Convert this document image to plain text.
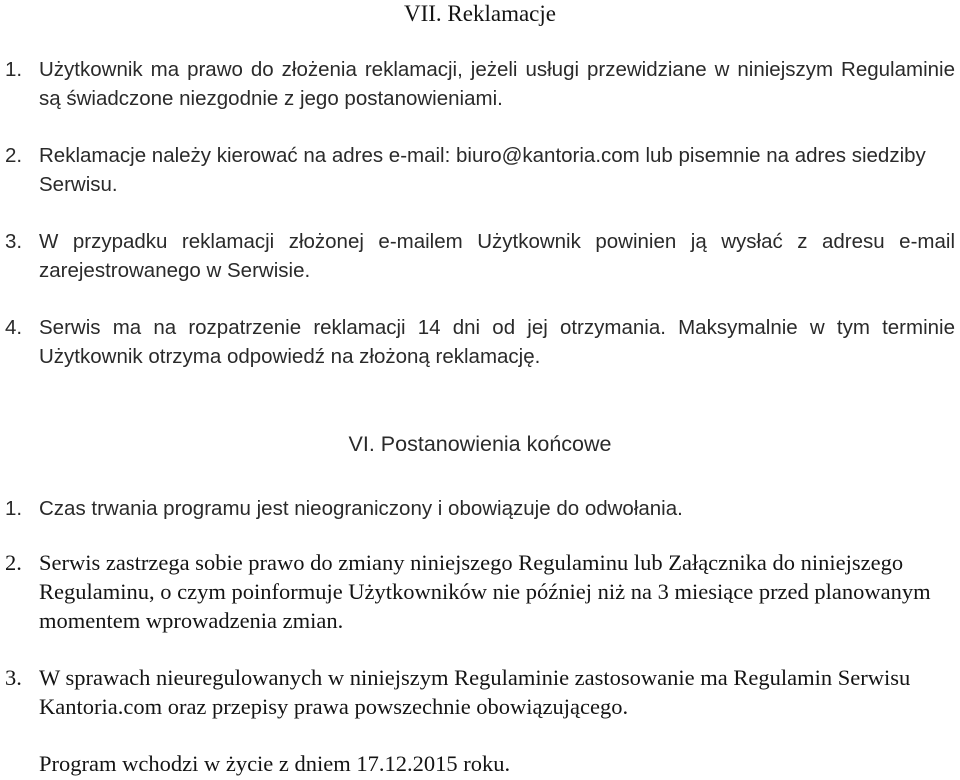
VII. Reklamacje
1. Użytkownik ma prawo do złożenia reklamacji, jeżeli usługi przewidziane w niniejszym Regulaminie są świadczone niezgodnie z jego postanowieniami.
2. Reklamacje należy kierować na adres e-mail: biuro@kantoria.com lub pisemnie na adres siedziby Serwisu.
3. W przypadku reklamacji złożonej e-mailem Użytkownik powinien ją wysłać z adresu e-mail zarejestrowanego w Serwisie.
4. Serwis ma na rozpatrzenie reklamacji 14 dni od jej otrzymania. Maksymalnie w tym terminie Użytkownik otrzyma odpowiedź na złożoną reklamację.
VI. Postanowienia końcowe
1. Czas trwania programu jest nieograniczony i obowiązuje do odwołania.
2. Serwis zastrzega sobie prawo do zmiany niniejszego Regulaminu lub Załącznika do niniejszego Regulaminu, o czym poinformuje Użytkowników nie później niż na 3 miesiące przed planowanym momentem wprowadzenia zmian.
3. W sprawach nieuregulowanych w niniejszym Regulaminie zastosowanie ma Regulamin Serwisu Kantoria.com oraz przepisy prawa powszechnie obowiązującego.
Program wchodzi w życie z dniem 17.12.2015 roku.
